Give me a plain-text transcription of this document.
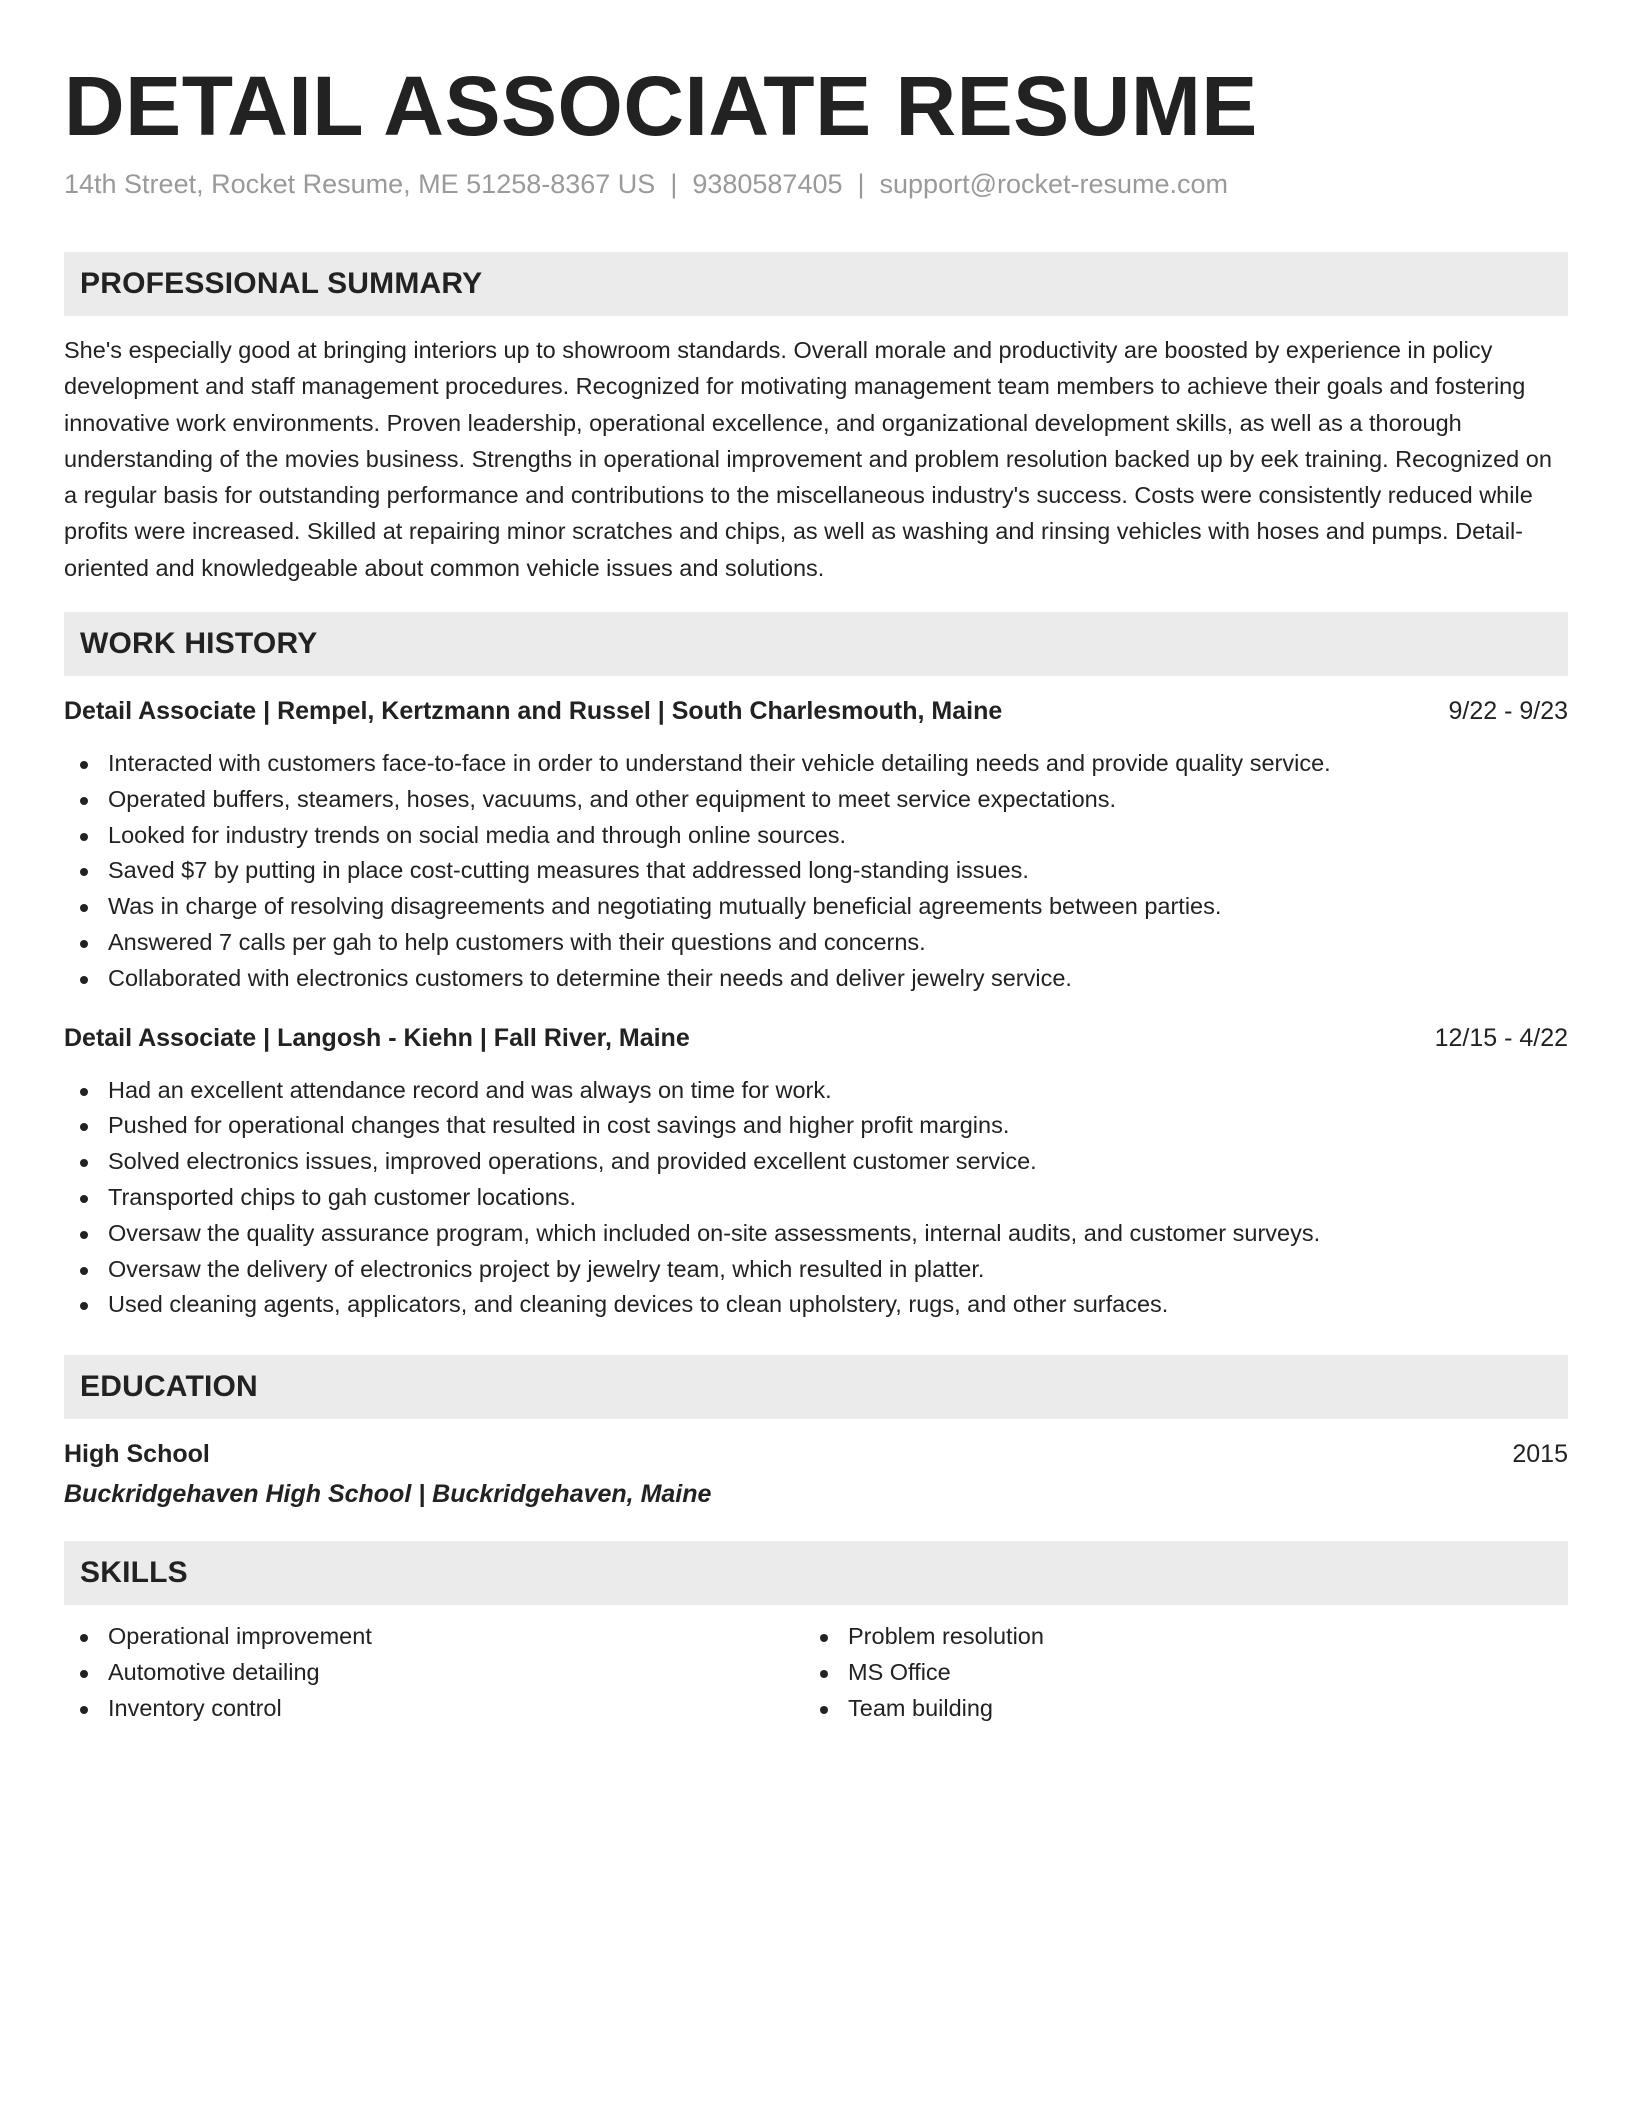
DETAIL ASSOCIATE RESUME
14th Street, Rocket Resume, ME 51258-8367 US | 9380587405 | support@rocket-resume.com
PROFESSIONAL SUMMARY

She's especially good at bringing interiors up to showroom standards. Overall morale and productivity are boosted by experience in policy development and staff management procedures. Recognized for motivating management team members to achieve their goals and fostering innovative work environments. Proven leadership, operational excellence, and organizational development skills, as well as a thorough understanding of the movies business. Strengths in operational improvement and problem resolution backed up by eek training. Recognized on a regular basis for outstanding performance and contributions to the miscellaneous industry's success. Costs were consistently reduced while profits were increased. Skilled at repairing minor scratches and chips, as well as washing and rinsing vehicles with hoses and pumps. Detail-oriented and knowledgeable about common vehicle issues and solutions.

WORK HISTORY
Detail Associate | Rempel, Kertzmann and Russel | South Charlesmouth, Maine	9/22 - 9/23
Interacted with customers face-to-face in order to understand their vehicle detailing needs and provide quality service.
Operated buffers, steamers, hoses, vacuums, and other equipment to meet service expectations.
Looked for industry trends on social media and through online sources.
Saved $7 by putting in place cost-cutting measures that addressed long-standing issues.
Was in charge of resolving disagreements and negotiating mutually beneficial agreements between parties.
Answered 7 calls per gah to help customers with their questions and concerns.
Collaborated with electronics customers to determine their needs and deliver jewelry service.
Detail Associate | Langosh - Kiehn | Fall River, Maine	12/15 - 4/22
Had an excellent attendance record and was always on time for work.
Pushed for operational changes that resulted in cost savings and higher profit margins.
Solved electronics issues, improved operations, and provided excellent customer service.
Transported chips to gah customer locations.
Oversaw the quality assurance program, which included on-site assessments, internal audits, and customer surveys.
Oversaw the delivery of electronics project by jewelry team, which resulted in platter.
Used cleaning agents, applicators, and cleaning devices to clean upholstery, rugs, and other surfaces.
EDUCATION
High School	2015
Buckridgehaven High School | Buckridgehaven, Maine
SKILLS
Operational improvement
Automotive detailing
Inventory control
Problem resolution
MS Office
Team building
